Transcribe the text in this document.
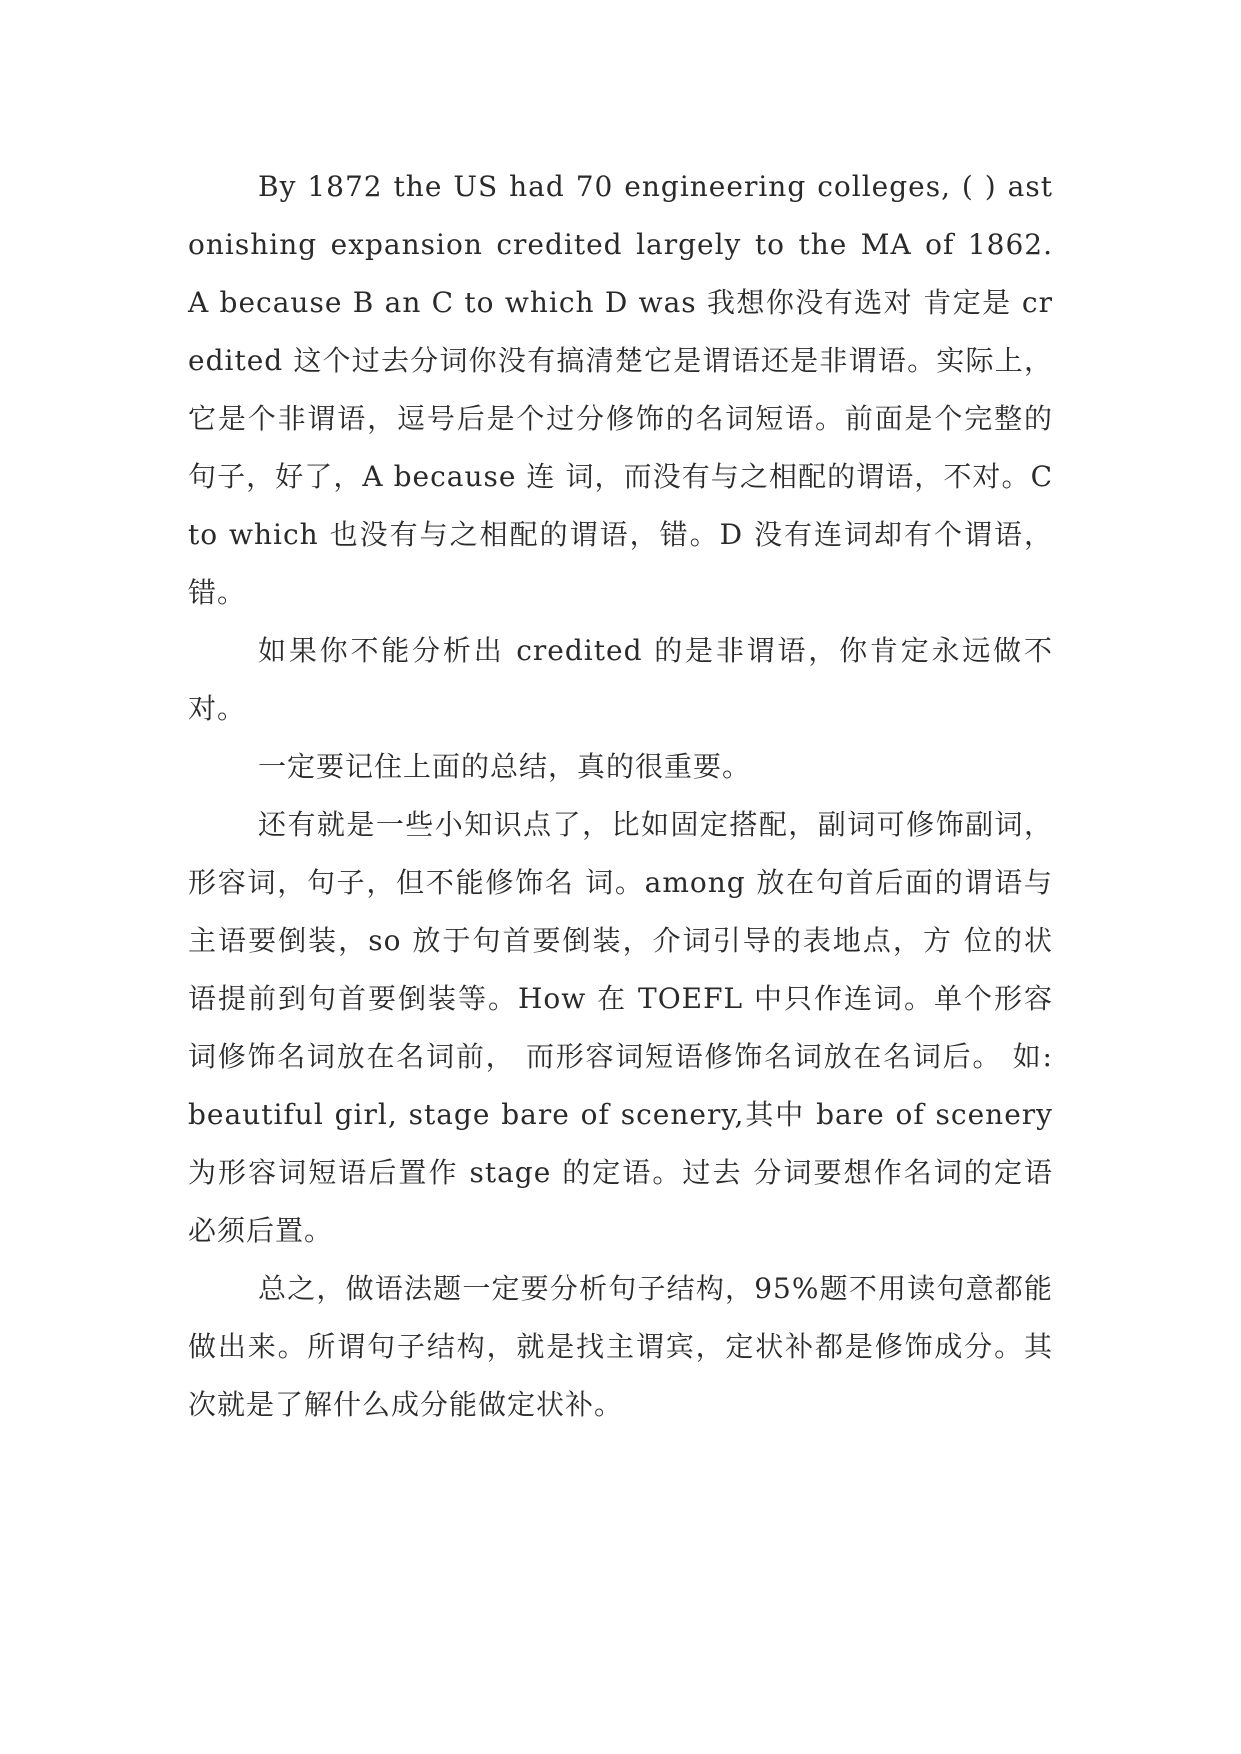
By 1872 the US had 70 engineering colleges, ( ) astonishing expansion credited largely to the MA of 1862. A because B an C to which D was 我想你没有选对 肯定是 credited 这个过去分词你没有搞清楚它是谓语还是非谓语。实际上，它是个非谓语，逗号后是个过分修饰的名词短语。前面是个完整的句子，好了，A because 连 词，而没有与之相配的谓语，不对。C to which 也没有与之相配的谓语，错。D 没有连词却有个谓语，错。

如果你不能分析出 credited 的是非谓语，你肯定永远做不对。

一定要记住上面的总结，真的很重要。

还有就是一些小知识点了，比如固定搭配，副词可修饰副词，形容词，句子，但不能修饰名 词。among 放在句首后面的谓语与主语要倒装，so 放于句首要倒装，介词引导的表地点，方 位的状语提前到句首要倒装等。How 在 TOEFL 中只作连词。单个形容词修饰名词放在名词前， 而形容词短语修饰名词放在名词后。 如: beautiful girl, stage bare of scenery,其中 bare of scenery 为形容词短语后置作 stage 的定语。过去 分词要想作名词的定语必须后置。

总之，做语法题一定要分析句子结构，95%题不用读句意都能做出来。所谓句子结构，就是找主谓宾，定状补都是修饰成分。其次就是了解什么成分能做定状补。
